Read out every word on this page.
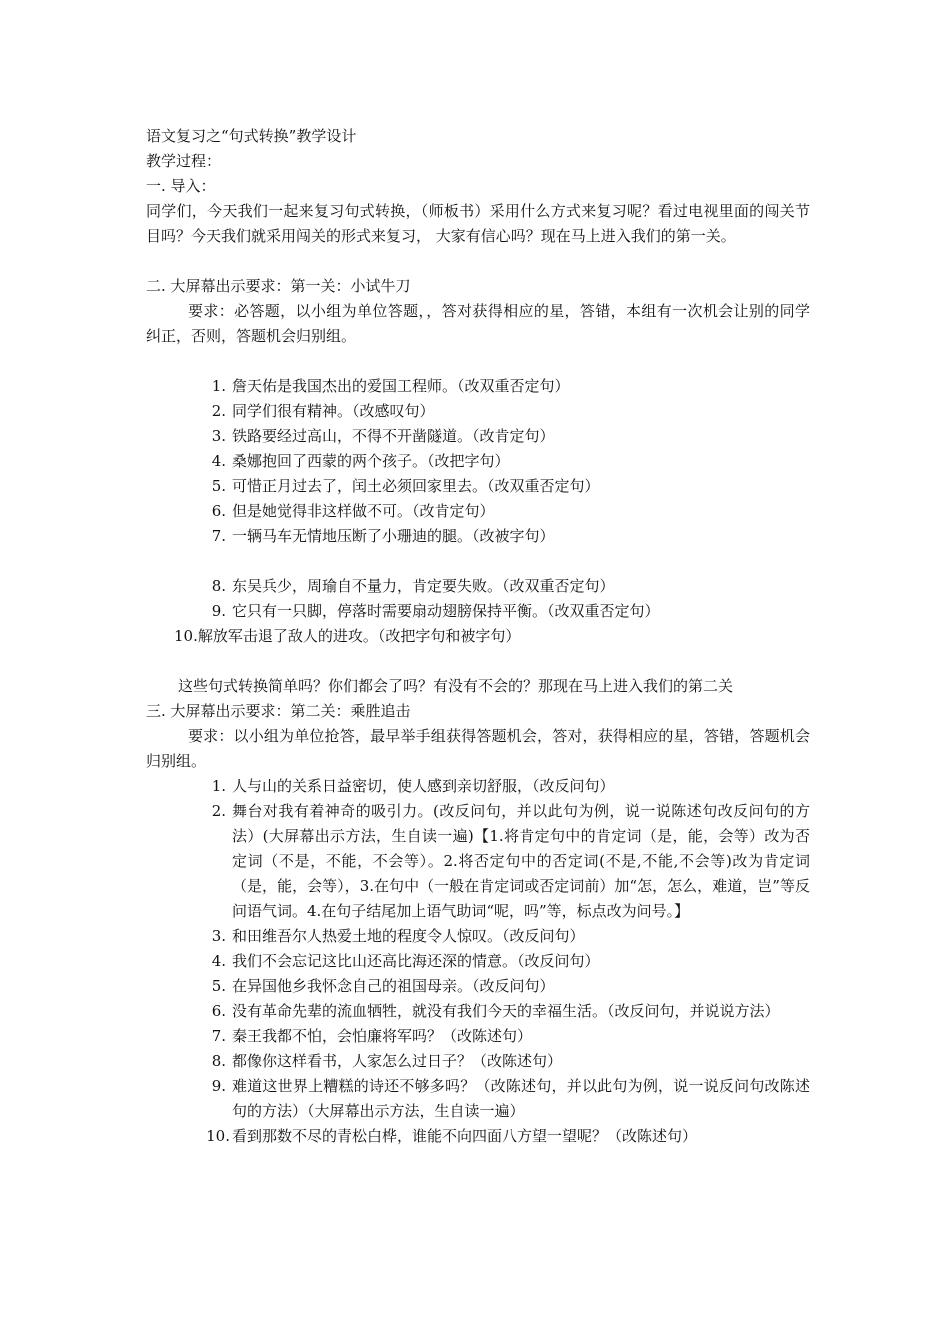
语文复习之“句式转换”教学设计
教学过程：
一. 导入：
同学们，今天我们一起来复习句式转换，（师板书）采用什么方式来复习呢？看过电视里面的闯关节目吗？今天我们就采用闯关的形式来复习， 大家有信心吗？现在马上进入我们的第一关。
二. 大屏幕出示要求：第一关：小试牛刀
要求：必答题，以小组为单位答题，，答对获得相应的星，答错，本组有一次机会让别的同学纠正，否则，答题机会归别组。
1. 詹天佑是我国杰出的爱国工程师。（改双重否定句）
2. 同学们很有精神。（改感叹句）
3. 铁路要经过高山，不得不开凿隧道。（改肯定句）
4. 桑娜抱回了西蒙的两个孩子。（改把字句）
5. 可惜正月过去了，闰土必须回家里去。（改双重否定句）
6. 但是她觉得非这样做不可。（改肯定句）
7. 一辆马车无情地压断了小珊迪的腿。（改被字句）
8. 东吴兵少，周瑜自不量力，肯定要失败。（改双重否定句）
9. 它只有一只脚，停落时需要扇动翅膀保持平衡。（改双重否定句）
10.解放军击退了敌人的进攻。（改把字句和被字句）
这些句式转换简单吗？你们都会了吗？有没有不会的？那现在马上进入我们的第二关
三. 大屏幕出示要求：第二关：乘胜追击
要求：以小组为单位抢答，最早举手组获得答题机会，答对，获得相应的星，答错，答题机会归别组。
1. 人与山的关系日益密切，使人感到亲切舒服，（改反问句）
2. 舞台对我有着神奇的吸引力。(改反问句，并以此句为例，说一说陈述句改反问句的方法）(大屏幕出示方法，生自读一遍)【1.将肯定句中的肯定词（是，能，会等）改为否定词（不是，不能，不会等）。2.将否定句中的否定词(不是,不能,不会等)改为肯定词（是，能，会等），3.在句中（一般在肯定词或否定词前）加“怎，怎么，难道，岂”等反问语气词。4.在句子结尾加上语气助词“呢，吗”等，标点改为问号。】
3. 和田维吾尔人热爱土地的程度令人惊叹。（改反问句）
4. 我们不会忘记这比山还高比海还深的情意。（改反问句）
5. 在异国他乡我怀念自己的祖国母亲。（改反问句）
6. 没有革命先辈的流血牺牲，就没有我们今天的幸福生活。（改反问句，并说说方法）
7. 秦王我都不怕，会怕廉将军吗？（改陈述句）
8. 都像你这样看书，人家怎么过日子？（改陈述句）
9. 难道这世界上糟糕的诗还不够多吗？（改陈述句，并以此句为例，说一说反问句改陈述句的方法）（大屏幕出示方法，生自读一遍）
10. 看到那数不尽的青松白桦，谁能不向四面八方望一望呢？（改陈述句）
